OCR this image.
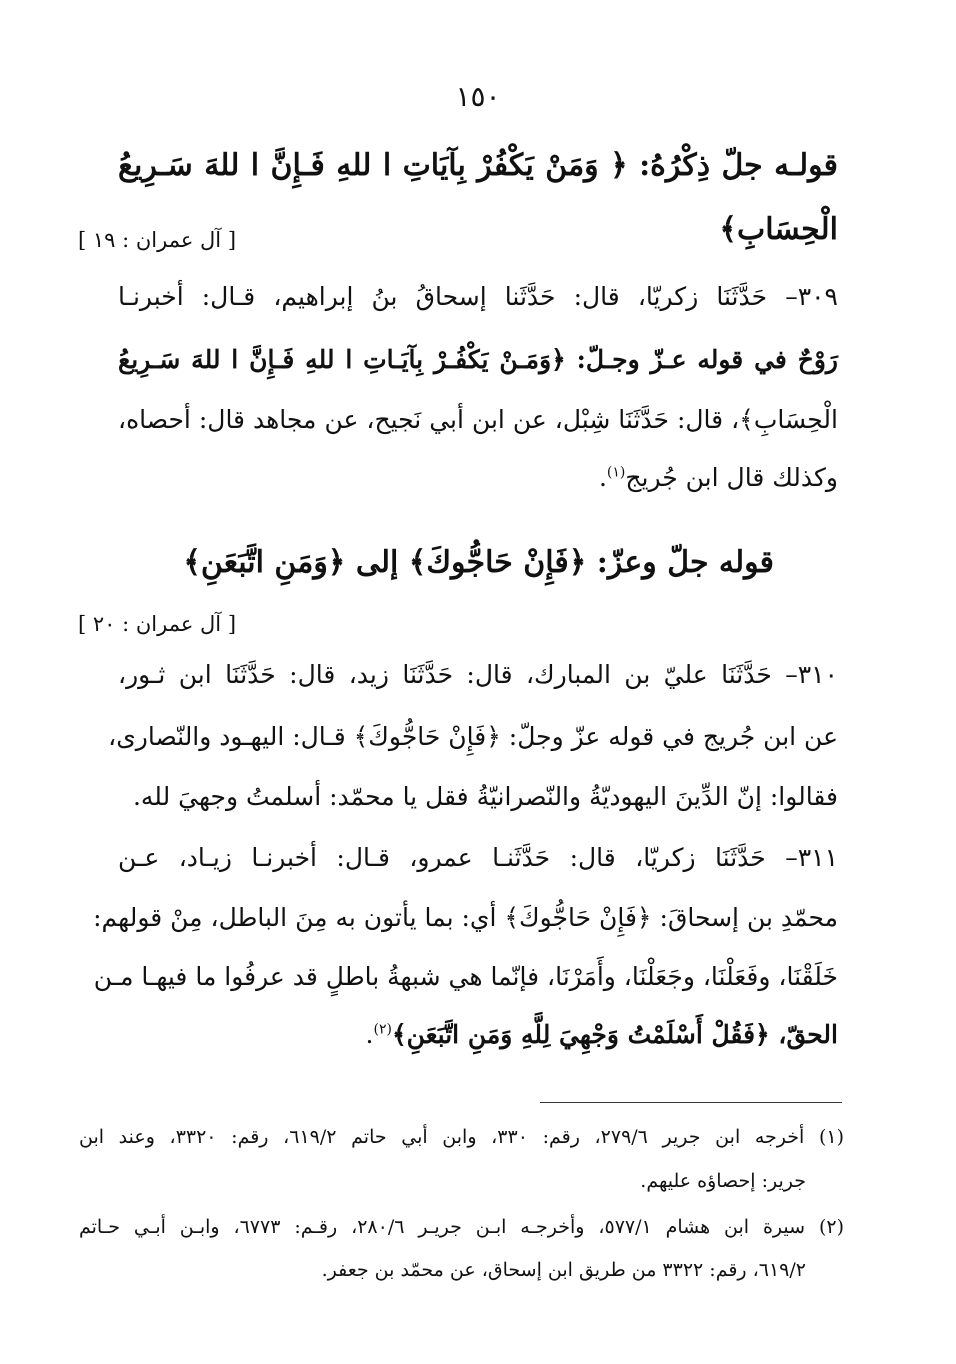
١٥٠
قولـه جلّ ذِكْرُهُ: ﴿ وَمَنْ يَكْفُرْ بِآيَاتِ ا للهِ فَـإِنَّ ا للهَ سَـرِيعُ
الْحِسَابِ﴾
[ آل عمران : ١٩ ]
٣٠٩– حَدَّثَنَا زكريّا، قال: حَدَّثَنا إسحاقُ بنُ إبراهيم، قـال: أخبرنـا
رَوْحٌ في قوله عـزّ وجـلّ: ﴿وَمَـنْ يَكْفُـرْ بِآيَـاتِ ا للهِ فَـإِنَّ ا للهَ سَـرِيعُ
الْحِسَابِ﴾، قال: حَدَّثَنَا شِبْل، عن ابن أبي نَجيح، عن مجاهد قال: أحصاه،
وكذلك قال ابن جُريج$^{(١)}$.
قوله جلّ وعزّ: ﴿فَإِنْ حَاجُّوكَ﴾ إلى ﴿وَمَنِ اتَّبَعَنِ﴾
[ آل عمران : ٢٠ ]
٣١٠– حَدَّثَنَا عليّ بن المبارك، قال: حَدَّثَنَا زيد، قال: حَدَّثَنَا ابن ثـور،
عن ابن جُريج في قوله عزّ وجلّ: ﴿فَإِنْ حَاجُّوكَ﴾ قـال: اليهـود والنّصارى،
فقالوا: إنّ الدِّينَ اليهوديّةُ والنّصرانيّةُ فقل يا محمّد: أسلمتُ وجهيَ لله.
٣١١– حَدَّثَنَا زكريّا، قال: حَدَّثَنـا عمرو، قـال: أخبرنـا زيـاد، عـن
محمّدِ بن إسحاقَ: ﴿فَإِنْ حَاجُّوكَ﴾ أي: بما يأتون به مِنَ الباطل، مِنْ قولهم:
خَلَقْنَا، وفَعَلْنَا، وجَعَلْنَا، وأَمَرْنَا، فإنّما هي شبهةُ باطلٍ قد عرفُوا ما فيهـا مـن
الحقّ، ﴿فَقُلْ أَسْلَمْتُ وَجْهِيَ لِلَّهِ وَمَنِ اتَّبَعَنِ﴾$^{(٢)}$.
(١) أخرجه ابن جرير ٢٧٩/٦، رقم: ٣٣٠، وابن أبي حاتم ٦١٩/٢، رقم: ٣٣٢٠، وعند ابن
جرير: إحصاؤه عليهم.
(٢) سيرة ابن هشام ٥٧٧/١، وأخرجـه ابـن جريـر ٢٨٠/٦، رقـم: ٦٧٧٣، وابـن أبـي حـاتم
٦١٩/٢، رقم: ٣٣٢٢ من طريق ابن إسحاق، عن محمّد بن جعفر.
